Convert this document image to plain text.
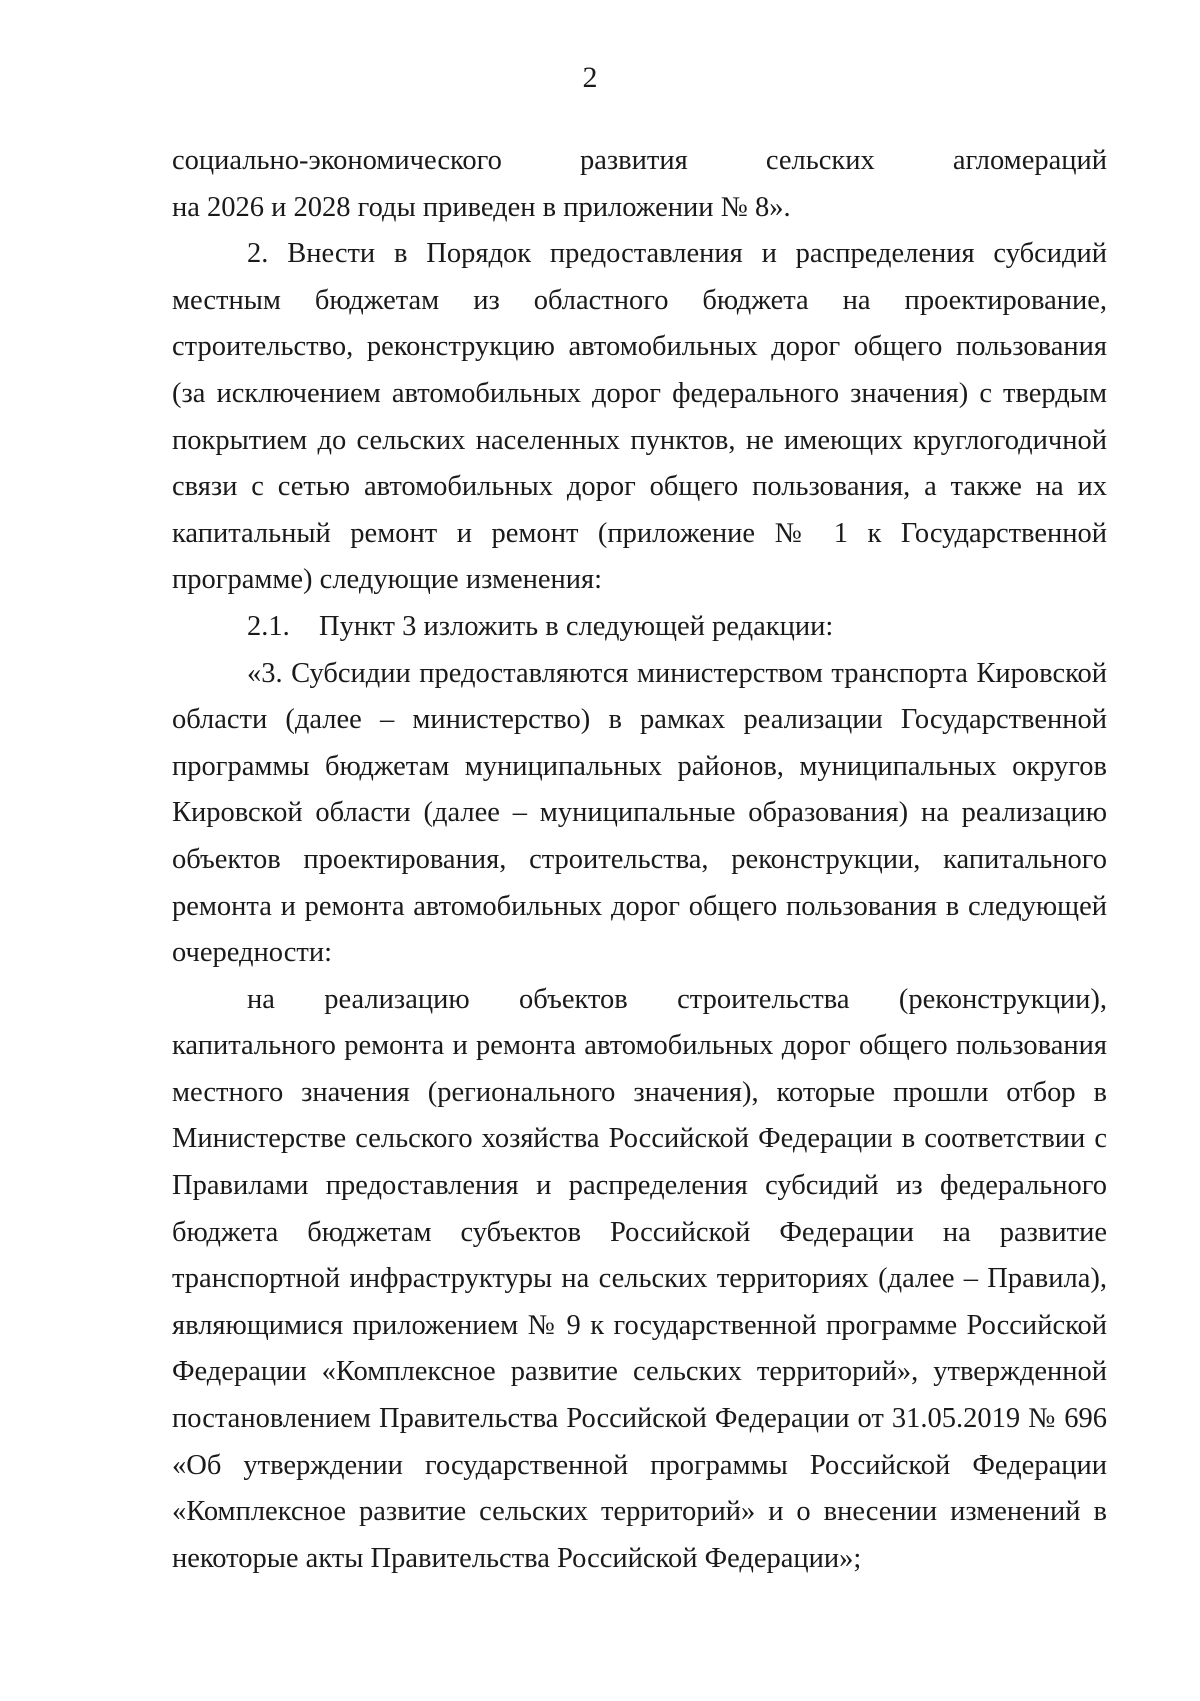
2

социально-экономического развития сельских агломераций

на 2026 и 2028 годы приведен в приложении № 8».

2. Внести в Порядок предоставления и распределения субсидий местным бюджетам из областного бюджета на проектирование, строительство, реконструкцию автомобильных дорог общего пользования (за исключением автомобильных дорог федерального значения) с твердым покрытием до сельских населенных пунктов, не имеющих круглогодичной связи с сетью автомобильных дорог общего пользования, а также на их капитальный ремонт и ремонт (приложение № 1 к Государственной программе) следующие изменения:

2.1. Пункт 3 изложить в следующей редакции:

«3. Субсидии предоставляются министерством транспорта Кировской области (далее – министерство) в рамках реализации Государственной программы бюджетам муниципальных районов, муниципальных округов Кировской области (далее – муниципальные образования) на реализацию объектов проектирования, строительства, реконструкции, капитального ремонта и ремонта автомобильных дорог общего пользования в следующей очередности:

на реализацию объектов строительства (реконструкции), капитального ремонта и ремонта автомобильных дорог общего пользования местного значения (регионального значения), которые прошли отбор в Министерстве сельского хозяйства Российской Федерации в соответствии с Правилами предоставления и распределения субсидий из федерального бюджета бюджетам субъектов Российской Федерации на развитие транспортной инфраструктуры на сельских территориях (далее – Правила), являющимися приложением № 9 к государственной программе Российской Федерации «Комплексное развитие сельских территорий», утвержденной постановлением Правительства Российской Федерации от 31.05.2019 № 696 «Об утверждении государственной программы Российской Федерации «Комплексное развитие сельских территорий» и о внесении изменений в некоторые акты Правительства Российской Федерации»;
